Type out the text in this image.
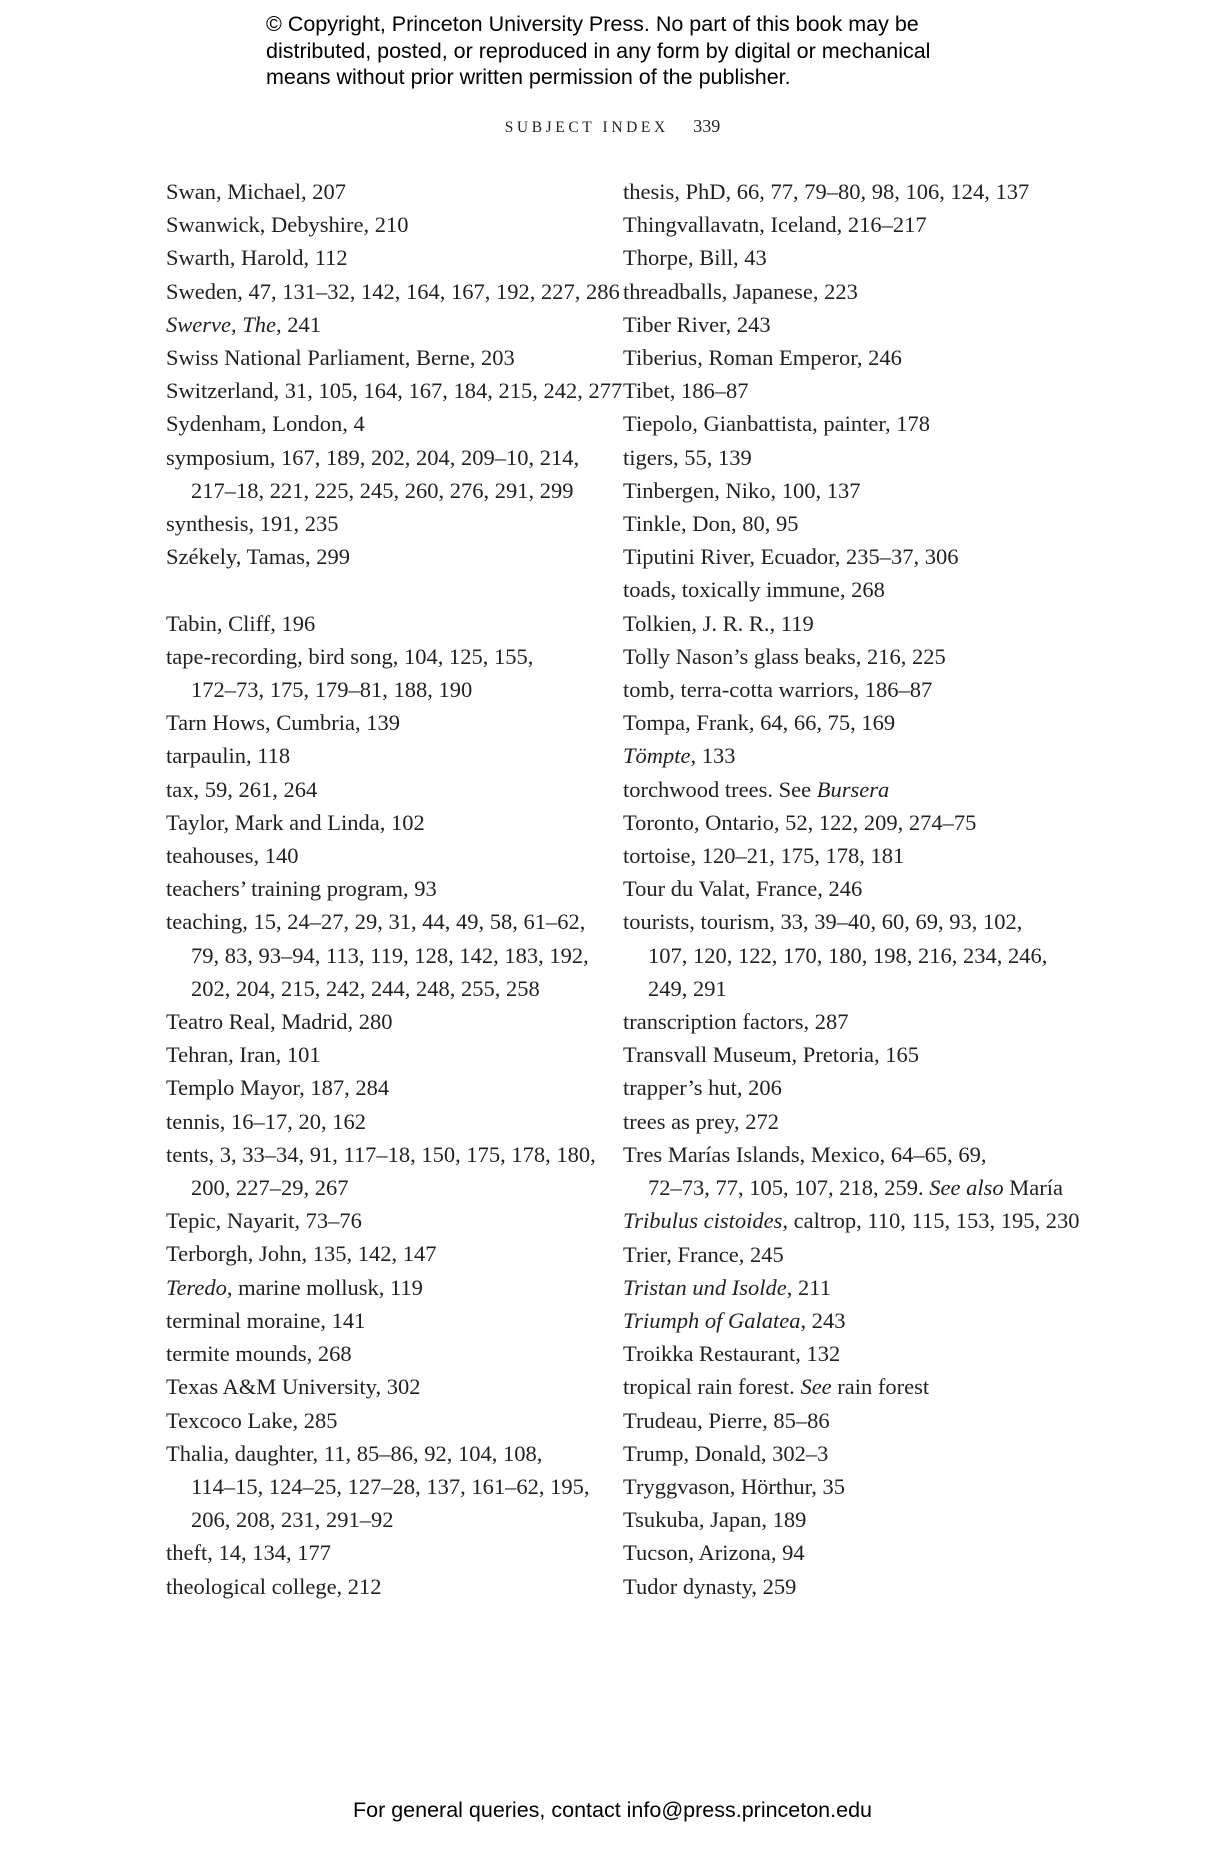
© Copyright, Princeton University Press. No part of this book may be
distributed, posted, or reproduced in any form by digital or mechanical
means without prior written permission of the publisher.
SUBJECT INDEX 339
Swan, Michael, 207
Swanwick, Debyshire, 210
Swarth, Harold, 112
Sweden, 47, 131–32, 142, 164, 167, 192, 227, 286
Swerve, The, 241
Swiss National Parliament, Berne, 203
Switzerland, 31, 105, 164, 167, 184, 215, 242, 277
Sydenham, London, 4
symposium, 167, 189, 202, 204, 209–10, 214,
217–18, 221, 225, 245, 260, 276, 291, 299
synthesis, 191, 235
Székely, Tamas, 299
Tabin, Cliff, 196
tape-recording, bird song, 104, 125, 155,
172–73, 175, 179–81, 188, 190
Tarn Hows, Cumbria, 139
tarpaulin, 118
tax, 59, 261, 264
Taylor, Mark and Linda, 102
teahouses, 140
teachers’ training program, 93
teaching, 15, 24–27, 29, 31, 44, 49, 58, 61–62,
79, 83, 93–94, 113, 119, 128, 142, 183, 192,
202, 204, 215, 242, 244, 248, 255, 258
Teatro Real, Madrid, 280
Tehran, Iran, 101
Templo Mayor, 187, 284
tennis, 16–17, 20, 162
tents, 3, 33–34, 91, 117–18, 150, 175, 178, 180,
200, 227–29, 267
Tepic, Nayarit, 73–76
Terborgh, John, 135, 142, 147
Teredo, marine mollusk, 119
terminal moraine, 141
termite mounds, 268
Texas A&M University, 302
Texcoco Lake, 285
Thalia, daughter, 11, 85–86, 92, 104, 108,
114–15, 124–25, 127–28, 137, 161–62, 195,
206, 208, 231, 291–92
theft, 14, 134, 177
theological college, 212
thesis, PhD, 66, 77, 79–80, 98, 106, 124, 137
Thingvallavatn, Iceland, 216–217
Thorpe, Bill, 43
threadballs, Japanese, 223
Tiber River, 243
Tiberius, Roman Emperor, 246
Tibet, 186–87
Tiepolo, Gianbattista, painter, 178
tigers, 55, 139
Tinbergen, Niko, 100, 137
Tinkle, Don, 80, 95
Tiputini River, Ecuador, 235–37, 306
toads, toxically immune, 268
Tolkien, J. R. R., 119
Tolly Nason’s glass beaks, 216, 225
tomb, terra-cotta warriors, 186–87
Tompa, Frank, 64, 66, 75, 169
Tömpte, 133
torchwood trees. See Bursera
Toronto, Ontario, 52, 122, 209, 274–75
tortoise, 120–21, 175, 178, 181
Tour du Valat, France, 246
tourists, tourism, 33, 39–40, 60, 69, 93, 102,
107, 120, 122, 170, 180, 198, 216, 234, 246,
249, 291
transcription factors, 287
Transvall Museum, Pretoria, 165
trapper’s hut, 206
trees as prey, 272
Tres Marías Islands, Mexico, 64–65, 69,
72–73, 77, 105, 107, 218, 259. See also María
Tribulus cistoides, caltrop, 110, 115, 153, 195, 230
Trier, France, 245
Tristan und Isolde, 211
Triumph of Galatea, 243
Troikka Restaurant, 132
tropical rain forest. See rain forest
Trudeau, Pierre, 85–86
Trump, Donald, 302–3
Tryggvason, Hörthur, 35
Tsukuba, Japan, 189
Tucson, Arizona, 94
Tudor dynasty, 259
For general queries, contact info@press.princeton.edu
